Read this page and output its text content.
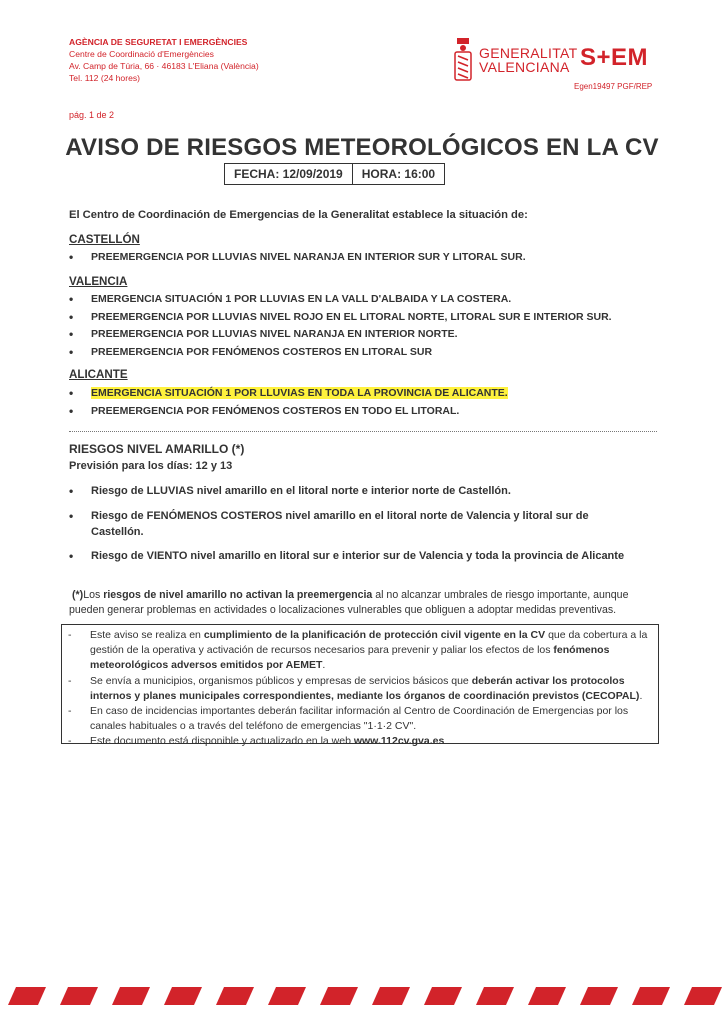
AGÈNCIA DE SEGURETAT I EMERGÈNCIES
Centre de Coordinació d'Emergències
Av. Camp de Túria, 66 · 46183 L'Eliana (València)
Tel. 112 (24 hores)
GENERALITAT
VALENCIANA S+EM
Egen19497 PGF/REP
pág. 1 de 2
AVISO DE RIESGOS METEOROLÓGICOS EN LA CV
FECHA: 12/09/2019	HORA: 16:00
El Centro de Coordinación de Emergencias de la Generalitat establece la situación de:
CASTELLÓN
• PREEMERGENCIA POR LLUVIAS NIVEL NARANJA EN INTERIOR SUR Y LITORAL SUR.
VALENCIA
• EMERGENCIA SITUACIÓN 1 POR LLUVIAS EN LA VALL D'ALBAIDA Y LA COSTERA.
• PREEMERGENCIA POR LLUVIAS NIVEL ROJO EN EL LITORAL NORTE, LITORAL SUR E INTERIOR SUR.
• PREEMERGENCIA POR LLUVIAS NIVEL NARANJA EN INTERIOR NORTE.
• PREEMERGENCIA POR FENÓMENOS COSTEROS EN LITORAL SUR
ALICANTE
• EMERGENCIA SITUACIÓN 1 POR LLUVIAS EN TODA LA PROVINCIA DE ALICANTE.
• PREEMERGENCIA POR FENÓMENOS COSTEROS EN TODO EL LITORAL.
RIESGOS NIVEL AMARILLO (*)
Previsión para los días: 12 y 13
• Riesgo de LLUVIAS nivel amarillo en el litoral norte e interior norte de Castellón.
• Riesgo de FENÓMENOS COSTEROS nivel amarillo en el litoral norte de Valencia y litoral sur de Castellón.
• Riesgo de VIENTO nivel amarillo en litoral sur e interior sur de Valencia y toda la provincia de Alicante
(*)Los riesgos de nivel amarillo no activan la preemergencia al no alcanzar umbrales de riesgo importante, aunque pueden generar problemas en actividades o localizaciones vulnerables que obliguen a adoptar medidas preventivas.
-	Este aviso se realiza en cumplimiento de la planificación de protección civil vigente en la CV que da cobertura a la gestión de la operativa y activación de recursos necesarios para prevenir y paliar los efectos de los fenómenos meteorológicos adversos emitidos por AEMET.
-	Se envía a municipios, organismos públicos y empresas de servicios básicos que deberán activar los protocolos internos y planes municipales correspondientes, mediante los órganos de coordinación previstos (CECOPAL).
-	En caso de incidencias importantes deberán facilitar información al Centro de Coordinación de Emergencias por los canales habituales o a través del teléfono de emergencias "1·1·2 CV".
-	Este documento está disponible y actualizado en la web www.112cv.gva.es
